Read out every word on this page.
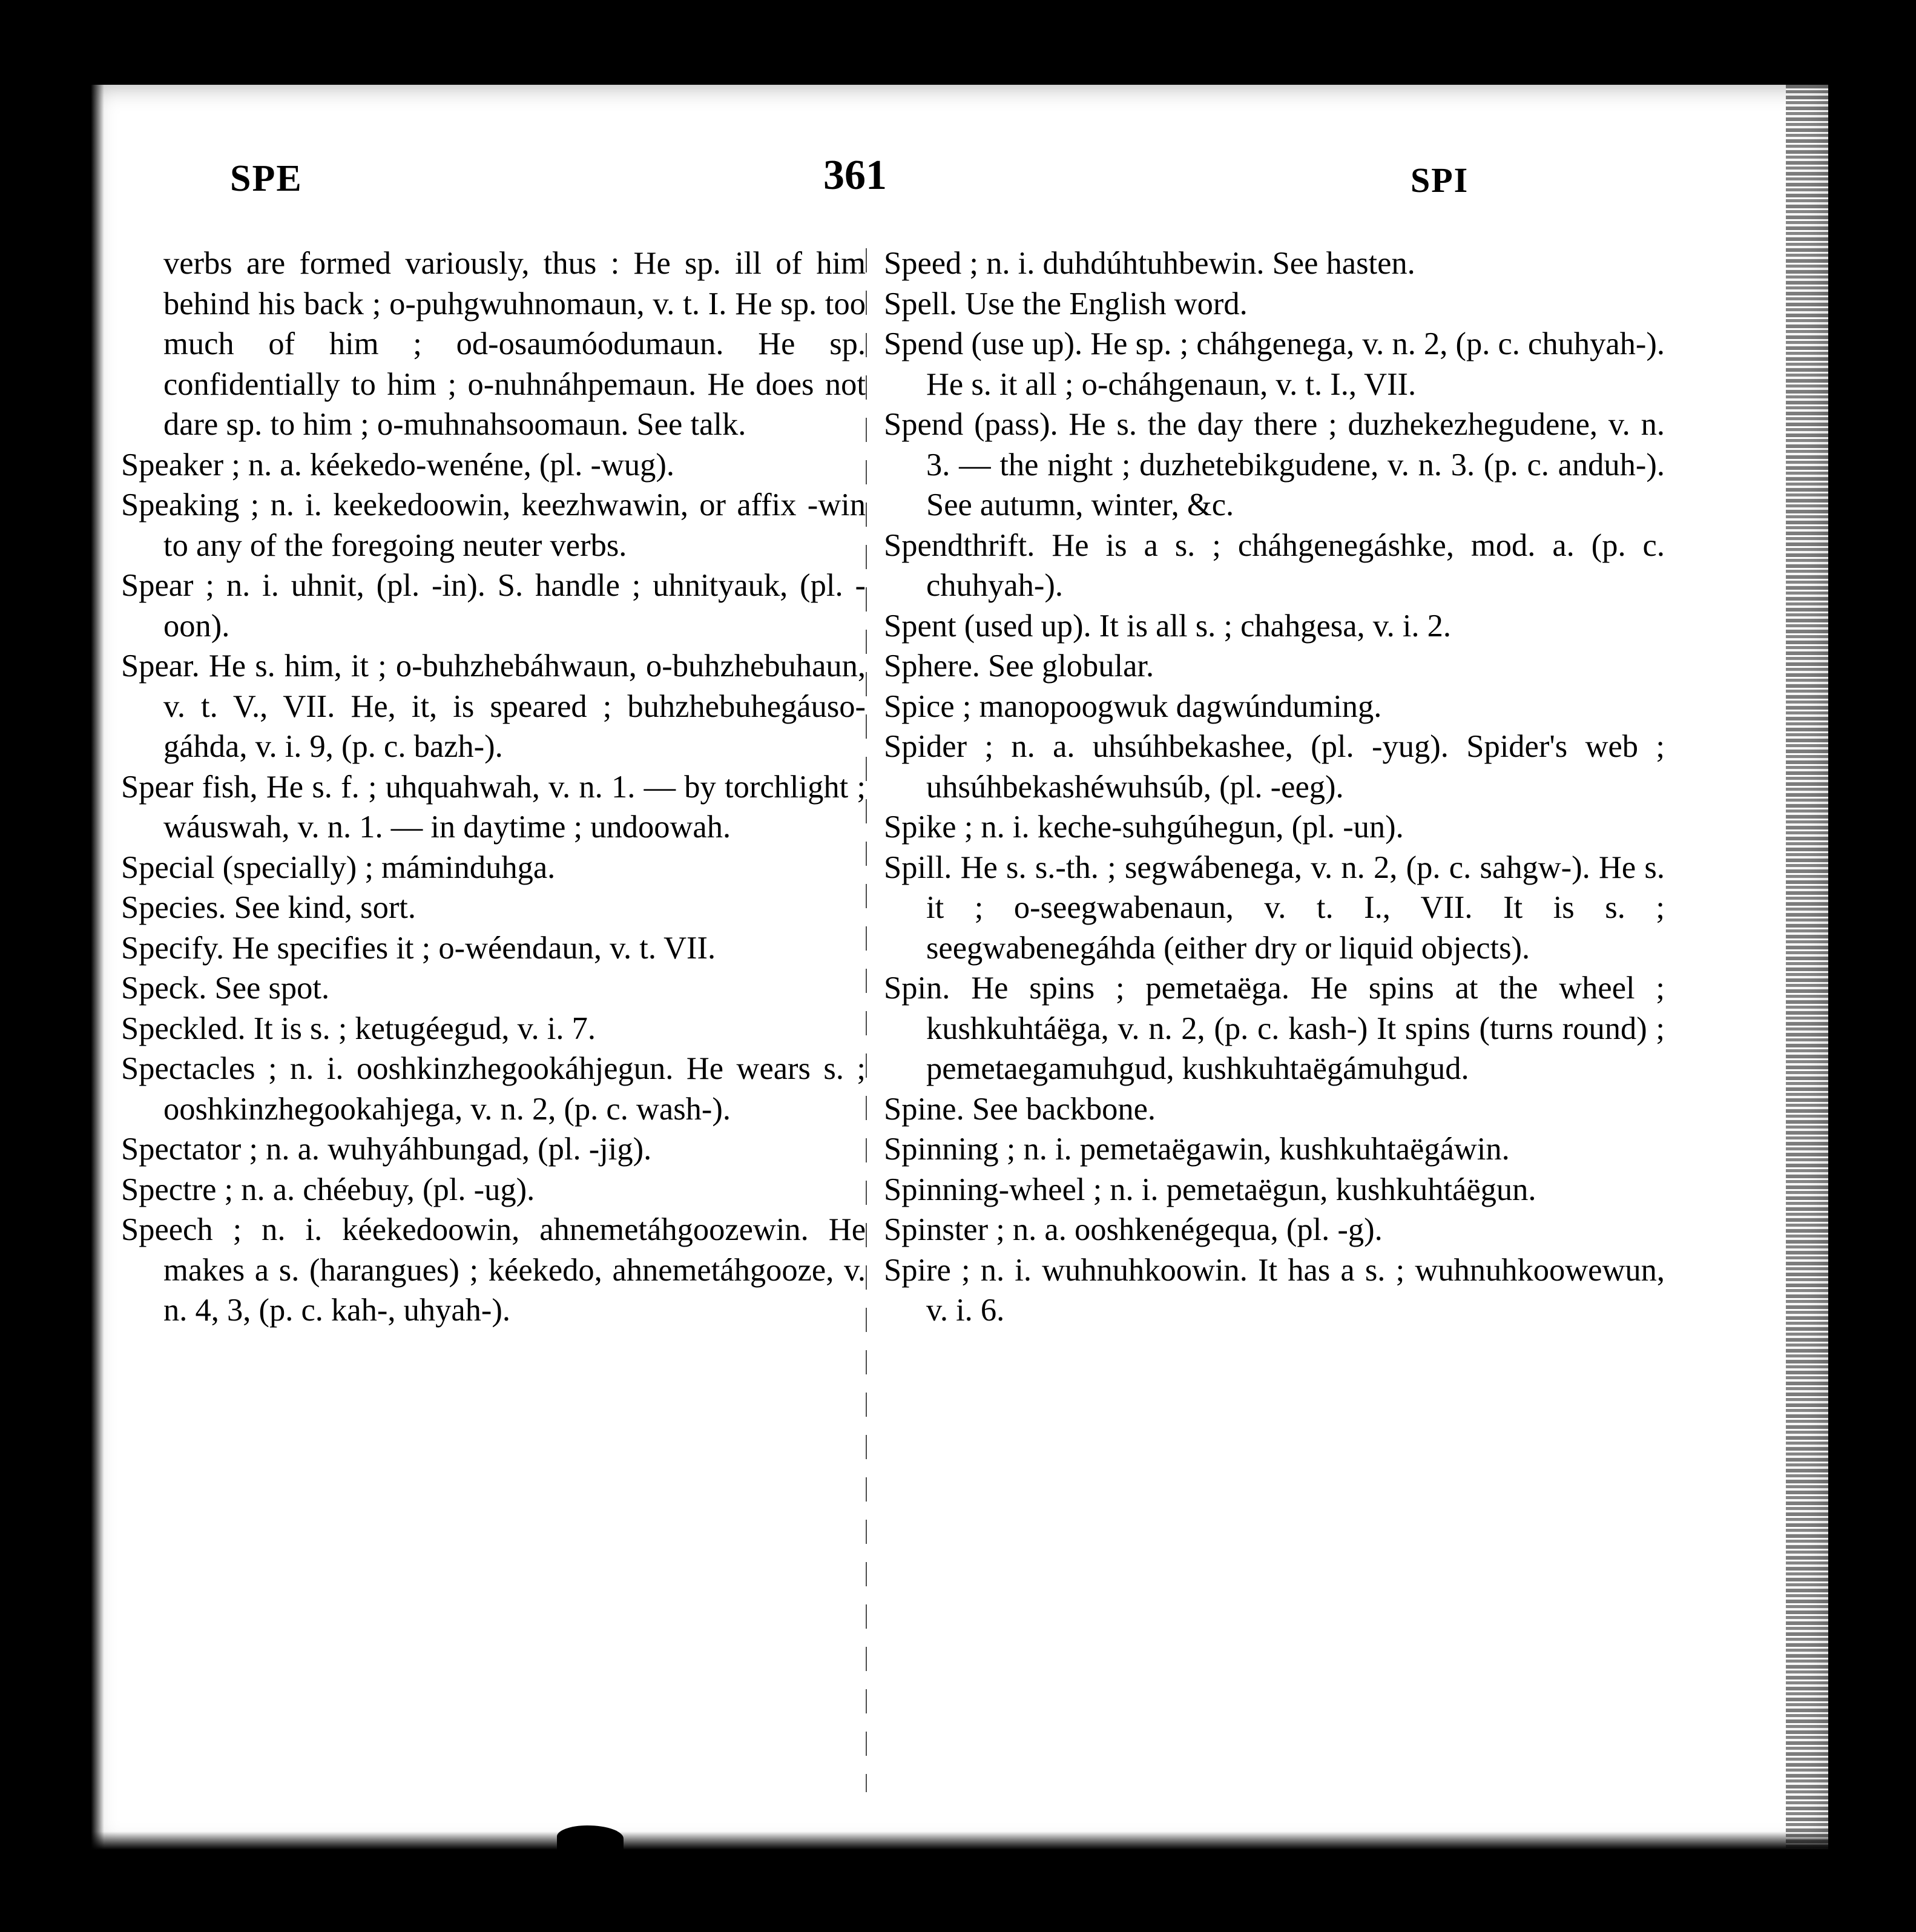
SPE	361	SPI
verbs are formed variously, thus : He sp. ill of him behind his back ; o-puhgwuhnomaun, v. t. I. He sp. too much of him ; od-osaumóodumaun. He sp. confidentially to him ; o-nuhnáhpemaun. He does not dare sp. to him ; o-muhnahsoomaun. See talk.
Speaker ; n. a. kéekedo-wenéne, (pl. -wug).
Speaking ; n. i. keekedoowin, keezhwawin, or affix -win to any of the foregoing neuter verbs.
Spear ; n. i. uhnit, (pl. -in). S. handle ; uhnityauk, (pl. -oon).
Spear. He s. him, it ; o-buhzhebáhwaun, o-buhzhebuhaun, v. t. V., VII. He, it, is speared ; buhzhebuhegáuso-gáhda, v. i. 9, (p. c. bazh-).
Spear fish, He s. f. ; uhquahwah, v. n. 1. — by torchlight ; wáuswah, v. n. 1. — in daytime ; undoowah.
Special (specially) ; máminduhga.
Species. See kind, sort.
Specify. He specifies it ; o-wéendaun, v. t. VII.
Speck. See spot.
Speckled. It is s. ; ketugéegud, v. i. 7.
Spectacles ; n. i. ooshkinzhegookáhjegun. He wears s. ; ooshkinzhegookahjega, v. n. 2, (p. c. wash-).
Spectator ; n. a. wuhyáhbungad, (pl. -jig).
Spectre ; n. a. chéebuy, (pl. -ug).
Speech ; n. i. kéekedoowin, ahnemetáhgoozewin. He makes a s. (harangues) ; kéekedo, ahnemetáhgooze, v. n. 4, 3, (p. c. kah-, uhyah-).
Speed ; n. i. duhdúhtuhbewin. See hasten.
Spell. Use the English word.
Spend (use up). He sp. ; cháhgenega, v. n. 2, (p. c. chuhyah-). He s. it all ; o-cháhgenaun, v. t. I., VII.
Spend (pass). He s. the day there ; duzhekezhegudene, v. n. 3. — the night ; duzhetebikgudene, v. n. 3. (p. c. anduh-). See autumn, winter, &c.
Spendthrift. He is a s. ; cháhgenegáshke, mod. a. (p. c. chuhyah-).
Spent (used up). It is all s. ; chahgesa, v. i. 2.
Sphere. See globular.
Spice ; manopoogwuk dagwúnduming.
Spider ; n. a. uhsúhbekashee, (pl. -yug). Spider's web ; uhsúhbekashéwuhsúb, (pl. -eeg).
Spike ; n. i. keche-suhgúhegun, (pl. -un).
Spill. He s. s.-th. ; segwábenega, v. n. 2, (p. c. sahgw-). He s. it ; o-seegwabenaun, v. t. I., VII. It is s. ; seegwabenegáhda (either dry or liquid objects).
Spin. He spins ; pemetaëga. He spins at the wheel ; kushkuhtáëga, v. n. 2, (p. c. kash-) It spins (turns round) ; pemetaegamuhgud, kushkuhtaëgámuhgud.
Spine. See backbone.
Spinning ; n. i. pemetaëgawin, kushkuhtaëgáwin.
Spinning-wheel ; n. i. pemetaëgun, kushkuhtáëgun.
Spinster ; n. a. ooshkenégequa, (pl. -g).
Spire ; n. i. wuhnuhkoowin. It has a s. ; wuhnuhkoowewun, v. i. 6.
